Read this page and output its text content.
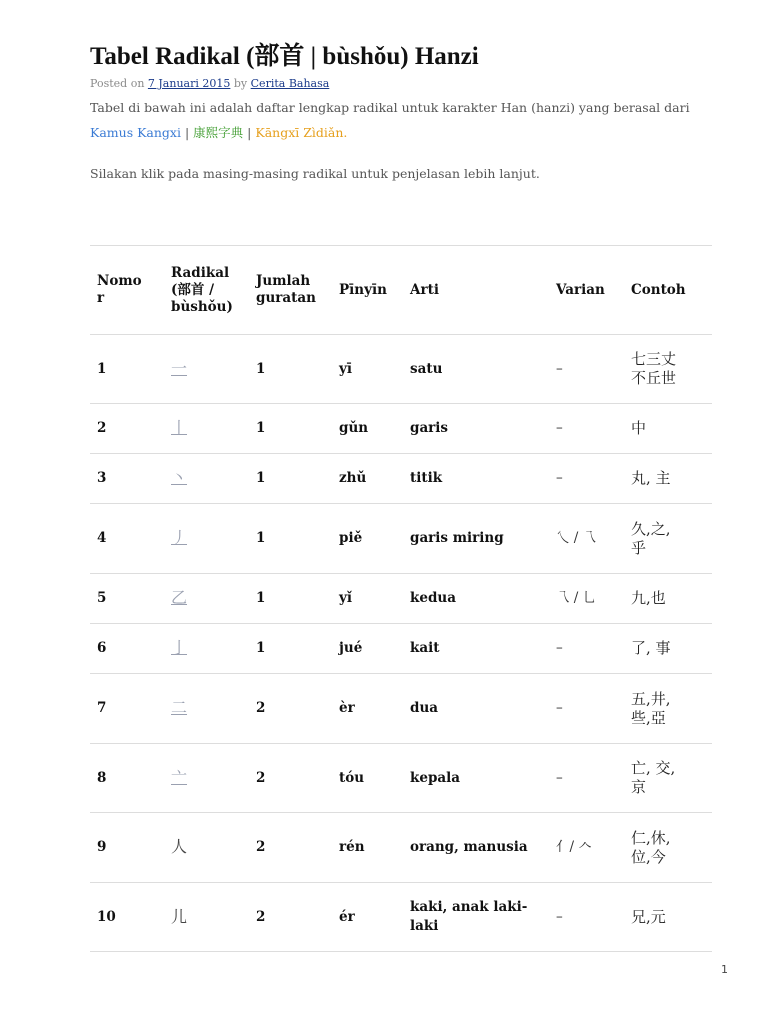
Tabel Radikal (部首 | bùshǒu) Hanzi
Posted on 7 Januari 2015 by Cerita Bahasa
Tabel di bawah ini adalah daftar lengkap radikal untuk karakter Han (hanzi) yang berasal dari Kamus Kangxi | 康熙字典 | Kāngxī Zìdiǎn.
Silakan klik pada masing-masing radikal untuk penjelasan lebih lanjut.
Nomo
r	Radikal
(部首 /
bùshǒu)	Jumlah
guratan	Pīnyīn	Arti	Varian	Contoh
1	一	1	yī	satu	–	七三丈
不丘世
2	丨	1	gǔn	garis	–	中
3	丶	1	zhǔ	titik	–	丸, 主
4	丿	1	piě	garis miring	乀 / 乁	久,之,
乎
5	乙	1	yǐ	kedua	乁 / 乚	九,也
6	亅	1	jué	kait	–	了, 事
7	二	2	èr	dua	–	五,井,
些,亞
8	亠	2	tóu	kepala	–	亡, 交,
京
9	人	2	rén	orang, manusia	亻/ 𠆢	仁,休,
位,今
10	儿	2	ér	kaki, anak laki-laki	–	兄,元
1
